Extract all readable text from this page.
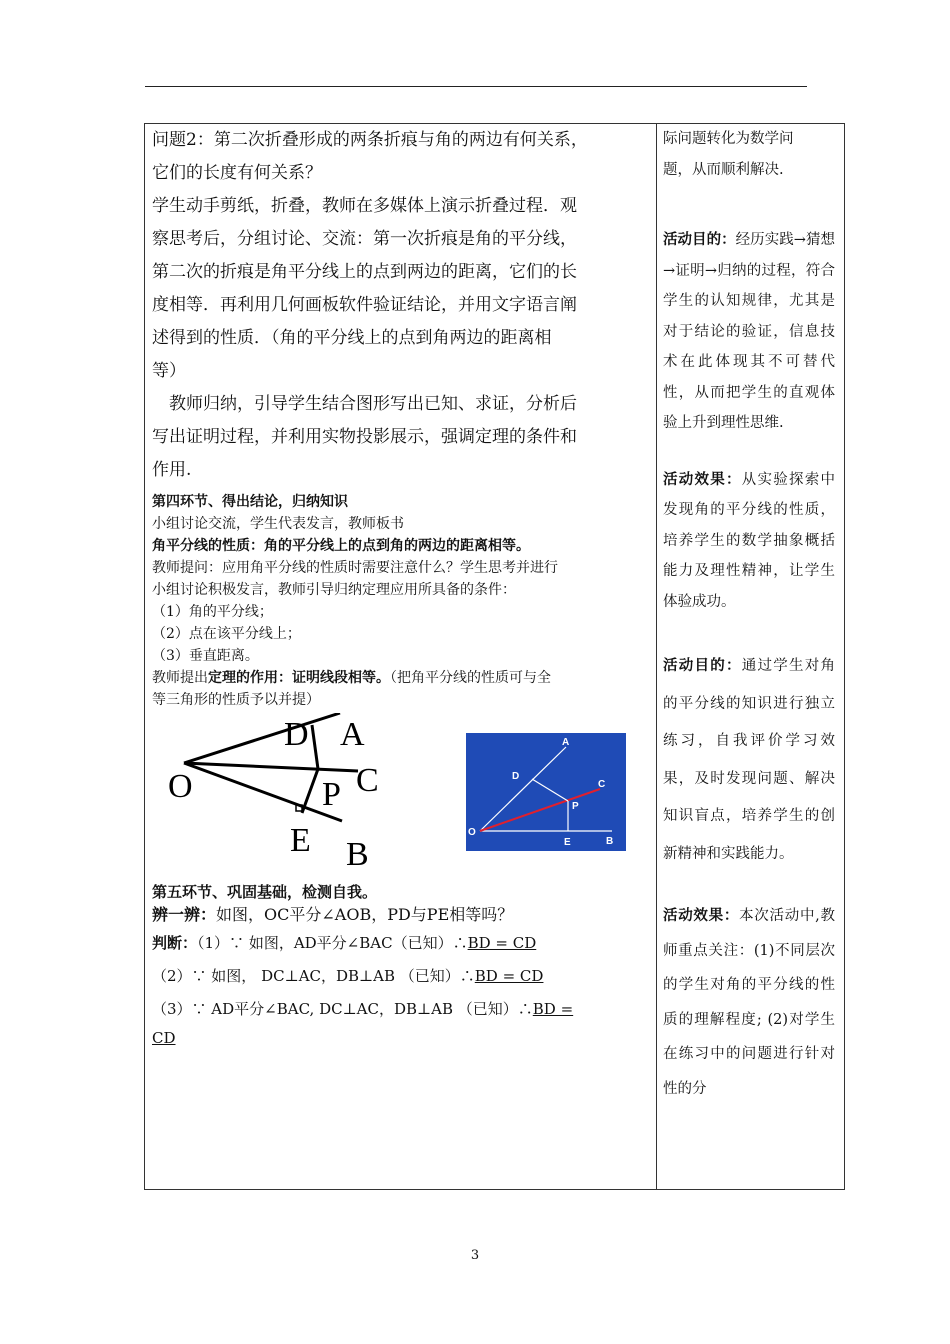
问题2：第二次折叠形成的两条折痕与角的两边有何关系，

它们的长度有何关系？

学生动手剪纸，折叠，教师在多媒体上演示折叠过程．观

察思考后，分组讨论、交流：第一次折痕是角的平分线，

第二次的折痕是角平分线上的点到两边的距离，它们的长

度相等．再利用几何画板软件验证结论，并用文字语言阐

述得到的性质．（角的平分线上的点到角两边的距离相

等）

教师归纳，引导学生结合图形写出已知、求证，分析后

写出证明过程，并利用实物投影展示，强调定理的条件和

作用.

第四环节、得出结论，归纳知识

小组讨论交流，学生代表发言，教师板书

角平分线的性质：角的平分线上的点到角的两边的距离相等。

教师提问：应用角平分线的性质时需要注意什么？学生思考并进行

小组讨论积极发言，教师引导归纳定理应用所具备的条件：

（1）角的平分线；

（2）点在该平分线上；

（3）垂直距离。

教师提出定理的作用：证明线段相等。（把角平分线的性质可与全

等三角形的性质予以并提）

O
A
D
C
P
E B
O
A
D
C
P
E	B

第五环节、巩固基础，检测自我。

辨一辨：如图，OC平分∠AOB，PD与PE相等吗？

判断：（1）∵ 如图，AD平分∠BAC（已知）∴BD = CD

（2）∵ 如图， DC⊥AC，DB⊥AB （已知）∴BD = CD

（3）∵ AD平分∠BAC, DC⊥AC，DB⊥AB （已知）∴BD =

CD

际问题转化为数学问

题，从而顺利解决.

活动目的：经历实践→猜想→证明→归纳的过程，符合学生的认知规律，尤其是对于结论的验证，信息技术在此体现其不可替代性，从而把学生的直观体验上升到理性思维.

活动效果：从实验探索中发现角的平分线的性质，培养学生的数学抽象概括能力及理性精神，让学生体验成功。

活动目的：通过学生对角的平分线的知识进行独立练习，自我评价学习效果，及时发现问题、解决知识盲点，培养学生的创新精神和实践能力。

活动效果：本次活动中,教师重点关注：(1)不同层次的学生对角的平分线的性质的理解程度; (2)对学生在练习中的问题进行针对性的分

3
